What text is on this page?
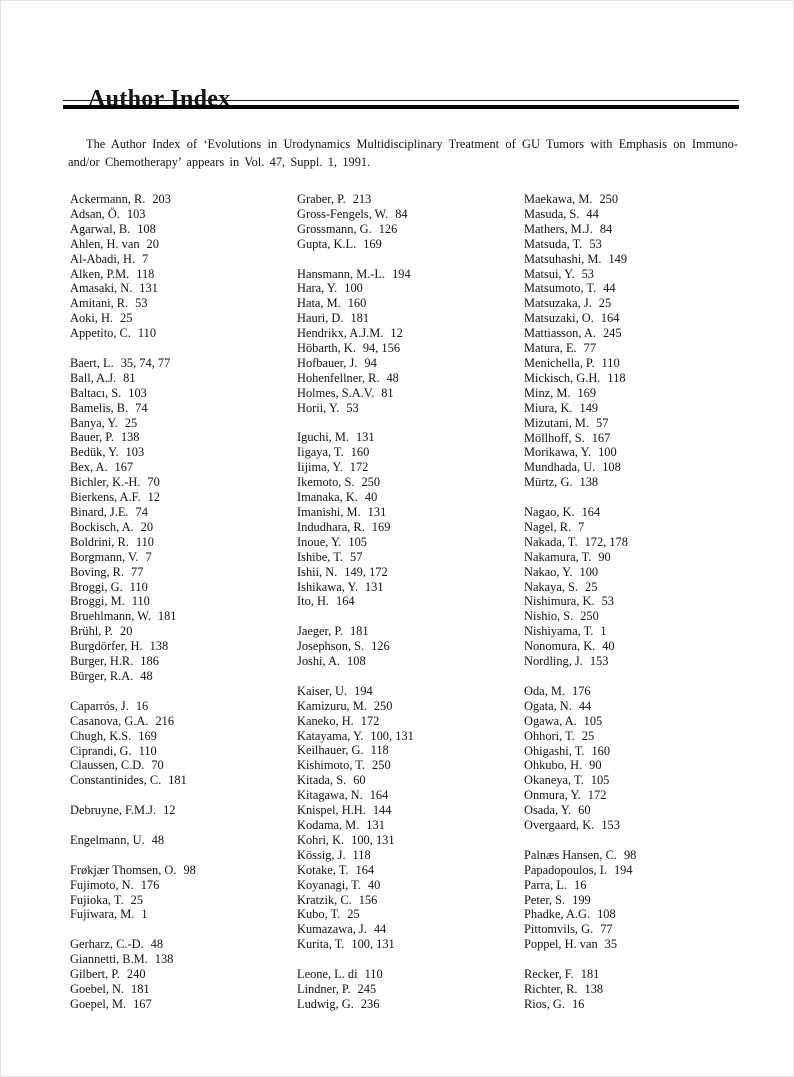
Author Index

The Author Index of ‘Evolutions in Urodynamics Multidisciplinary Treatment of GU Tumors with Emphasis on Immuno- and/or Chemotherapy’ appears in Vol. 47, Suppl. 1, 1991.

Ackermann, R. 203
Adsan, Ö. 103
Agarwal, B. 108
Ahlen, H. van 20
Al-Abadi, H. 7
Alken, P.M. 118
Amasaki, N. 131
Amitani, R. 53
Aoki, H. 25
Appetito, C. 110
Baert, L. 35, 74, 77
Ball, A.J. 81
Baltacı, S. 103
Bamelis, B. 74
Banya, Y. 25
Bauer, P. 138
Bedük, Y. 103
Bex, A. 167
Bichler, K.-H. 70
Bierkens, A.F. 12
Binard, J.E. 74
Bockisch, A. 20
Boldrini, R. 110
Borgmann, V. 7
Boving, R. 77
Broggi, G. 110
Broggi, M. 110
Bruehlmann, W. 181
Brühl, P. 20
Burgdörfer, H. 138
Burger, H.R. 186
Bürger, R.A. 48
Caparrós, J. 16
Casanova, G.A. 216
Chugh, K.S. 169
Ciprandi, G. 110
Claussen, C.D. 70
Constantinides, C. 181
Debruyne, F.M.J. 12
Engelmann, U. 48
Frøkjær Thomsen, O. 98
Fujimoto, N. 176
Fujioka, T. 25
Fujiwara, M. 1
Gerharz, C.-D. 48
Giannetti, B.M. 138
Gilbert, P. 240
Goebel, N. 181
Goepel, M. 167
Graber, P. 213
Gross-Fengels, W. 84
Grossmann, G. 126
Gupta, K.L. 169
Hansmann, M.-L. 194
Hara, Y. 100
Hata, M. 160
Hauri, D. 181
Hendrikx, A.J.M. 12
Höbarth, K. 94, 156
Hofbauer, J. 94
Hohenfellner, R. 48
Holmes, S.A.V. 81
Horii, Y. 53
Iguchi, M. 131
Iigaya, T. 160
Iijima, Y. 172
Ikemoto, S. 250
Imanaka, K. 40
Imanishi, M. 131
Indudhara, R. 169
Inoue, Y. 105
Ishibe, T. 57
Ishii, N. 149, 172
Ishikawa, Y. 131
Ito, H. 164
Jaeger, P. 181
Josephson, S. 126
Joshi, A. 108
Kaiser, U. 194
Kamizuru, M. 250
Kaneko, H. 172
Katayama, Y. 100, 131
Keilhauer, G. 118
Kishimoto, T. 250
Kitada, S. 60
Kitagawa, N. 164
Knispel, H.H. 144
Kodama, M. 131
Kohri, K. 100, 131
Kössig, J. 118
Kotake, T. 164
Koyanagi, T. 40
Kratzik, C. 156
Kubo, T. 25
Kumazawa, J. 44
Kurita, T. 100, 131
Leone, L. di 110
Lindner, P. 245
Ludwig, G. 236
Maekawa, M. 250
Masuda, S. 44
Mathers, M.J. 84
Matsuda, T. 53
Matsuhashi, M. 149
Matsui, Y. 53
Matsumoto, T. 44
Matsuzaka, J. 25
Matsuzaki, O. 164
Mattiasson, A. 245
Matura, E. 77
Menichella, P. 110
Mickisch, G.H. 118
Minz, M. 169
Miura, K. 149
Mizutani, M. 57
Möllhoff, S. 167
Morikawa, Y. 100
Mundhada, U. 108
Mürtz, G. 138
Nagao, K. 164
Nagel, R. 7
Nakada, T. 172, 178
Nakamura, T. 90
Nakao, Y. 100
Nakaya, S. 25
Nishimura, K. 53
Nishio, S. 250
Nishiyama, T. 1
Nonomura, K. 40
Nordling, J. 153
Oda, M. 176
Ogata, N. 44
Ogawa, A. 105
Ohhori, T. 25
Ohigashi, T. 160
Ohkubo, H. 90
Okaneya, T. 105
Onmura, Y. 172
Osada, Y. 60
Overgaard, K. 153
Palnæs Hansen, C. 98
Papadopoulos, I. 194
Parra, L. 16
Peter, S. 199
Phadke, A.G. 108
Pittomvils, G. 77
Poppel, H. van 35
Recker, F. 181
Richter, R. 138
Rios, G. 16
